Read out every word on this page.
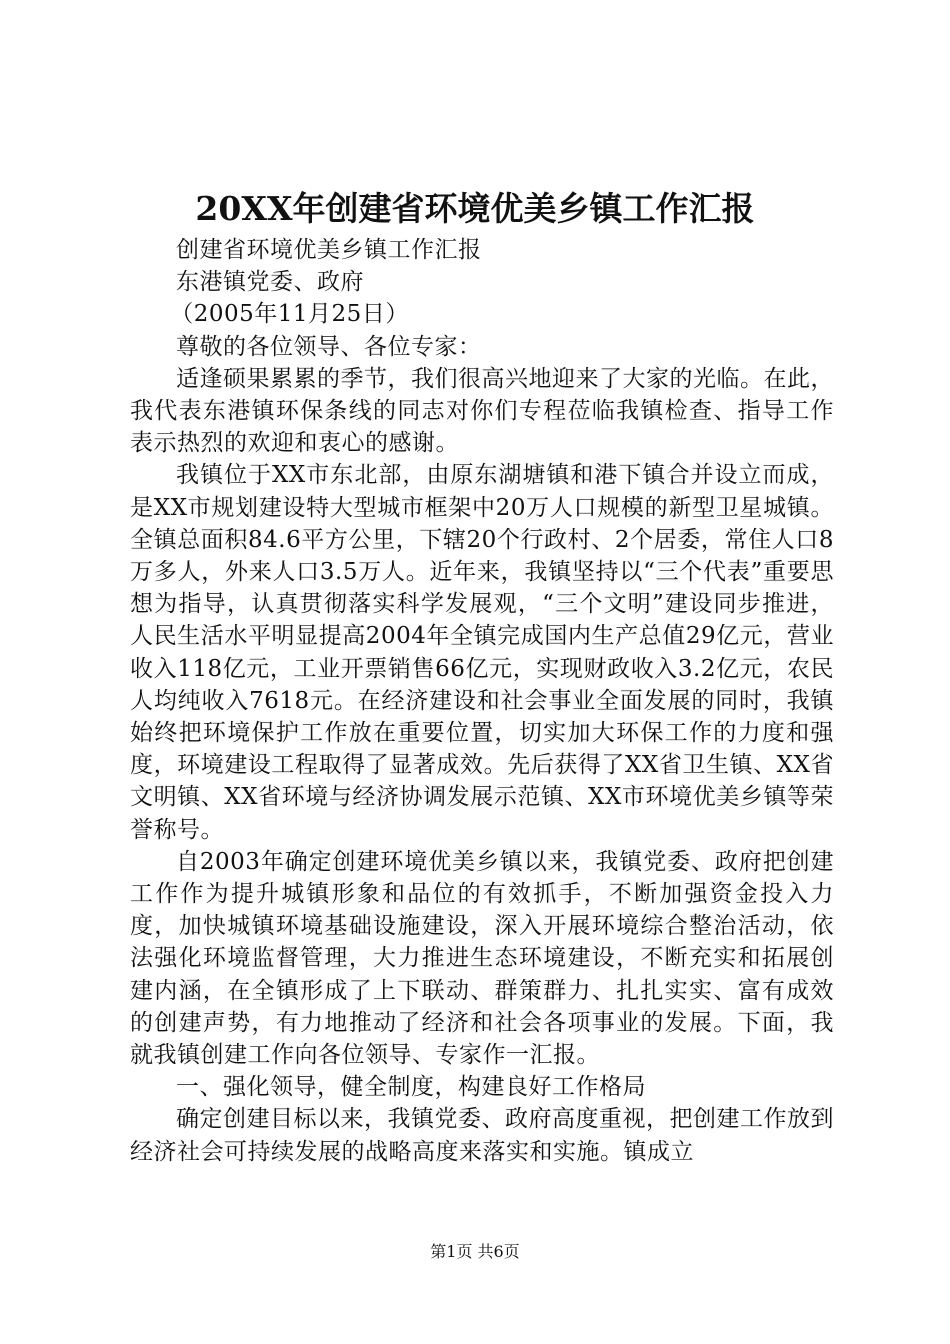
20XX年创建省环境优美乡镇工作汇报

创建省环境优美乡镇工作汇报

东港镇党委、政府

（2005年11月25日）

尊敬的各位领导、各位专家：

适逢硕果累累的季节，我们很高兴地迎来了大家的光临。在此，我代表东港镇环保条线的同志对你们专程莅临我镇检查、指导工作表示热烈的欢迎和衷心的感谢。

我镇位于XX市东北部，由原东湖塘镇和港下镇合并设立而成，是XX市规划建设特大型城市框架中20万人口规模的新型卫星城镇。全镇总面积84.6平方公里，下辖20个行政村、2个居委，常住人口8万多人，外来人口3.5万人。近年来，我镇坚持以“三个代表”重要思想为指导，认真贯彻落实科学发展观，“三个文明”建设同步推进，人民生活水平明显提高2004年全镇完成国内生产总值29亿元，营业收入118亿元，工业开票销售66亿元，实现财政收入3.2亿元，农民人均纯收入7618元。在经济建设和社会事业全面发展的同时，我镇始终把环境保护工作放在重要位置，切实加大环保工作的力度和强度，环境建设工程取得了显著成效。先后获得了XX省卫生镇、XX省文明镇、XX省环境与经济协调发展示范镇、XX市环境优美乡镇等荣誉称号。

自2003年确定创建环境优美乡镇以来，我镇党委、政府把创建工作作为提升城镇形象和品位的有效抓手，不断加强资金投入力度，加快城镇环境基础设施建设，深入开展环境综合整治活动，依法强化环境监督管理，大力推进生态环境建设，不断充实和拓展创建内涵，在全镇形成了上下联动、群策群力、扎扎实实、富有成效的创建声势，有力地推动了经济和社会各项事业的发展。下面，我就我镇创建工作向各位领导、专家作一汇报。

一、强化领导，健全制度，构建良好工作格局

确定创建目标以来，我镇党委、政府高度重视，把创建工作放到经济社会可持续发展的战略高度来落实和实施。镇成立

第1页 共6页
